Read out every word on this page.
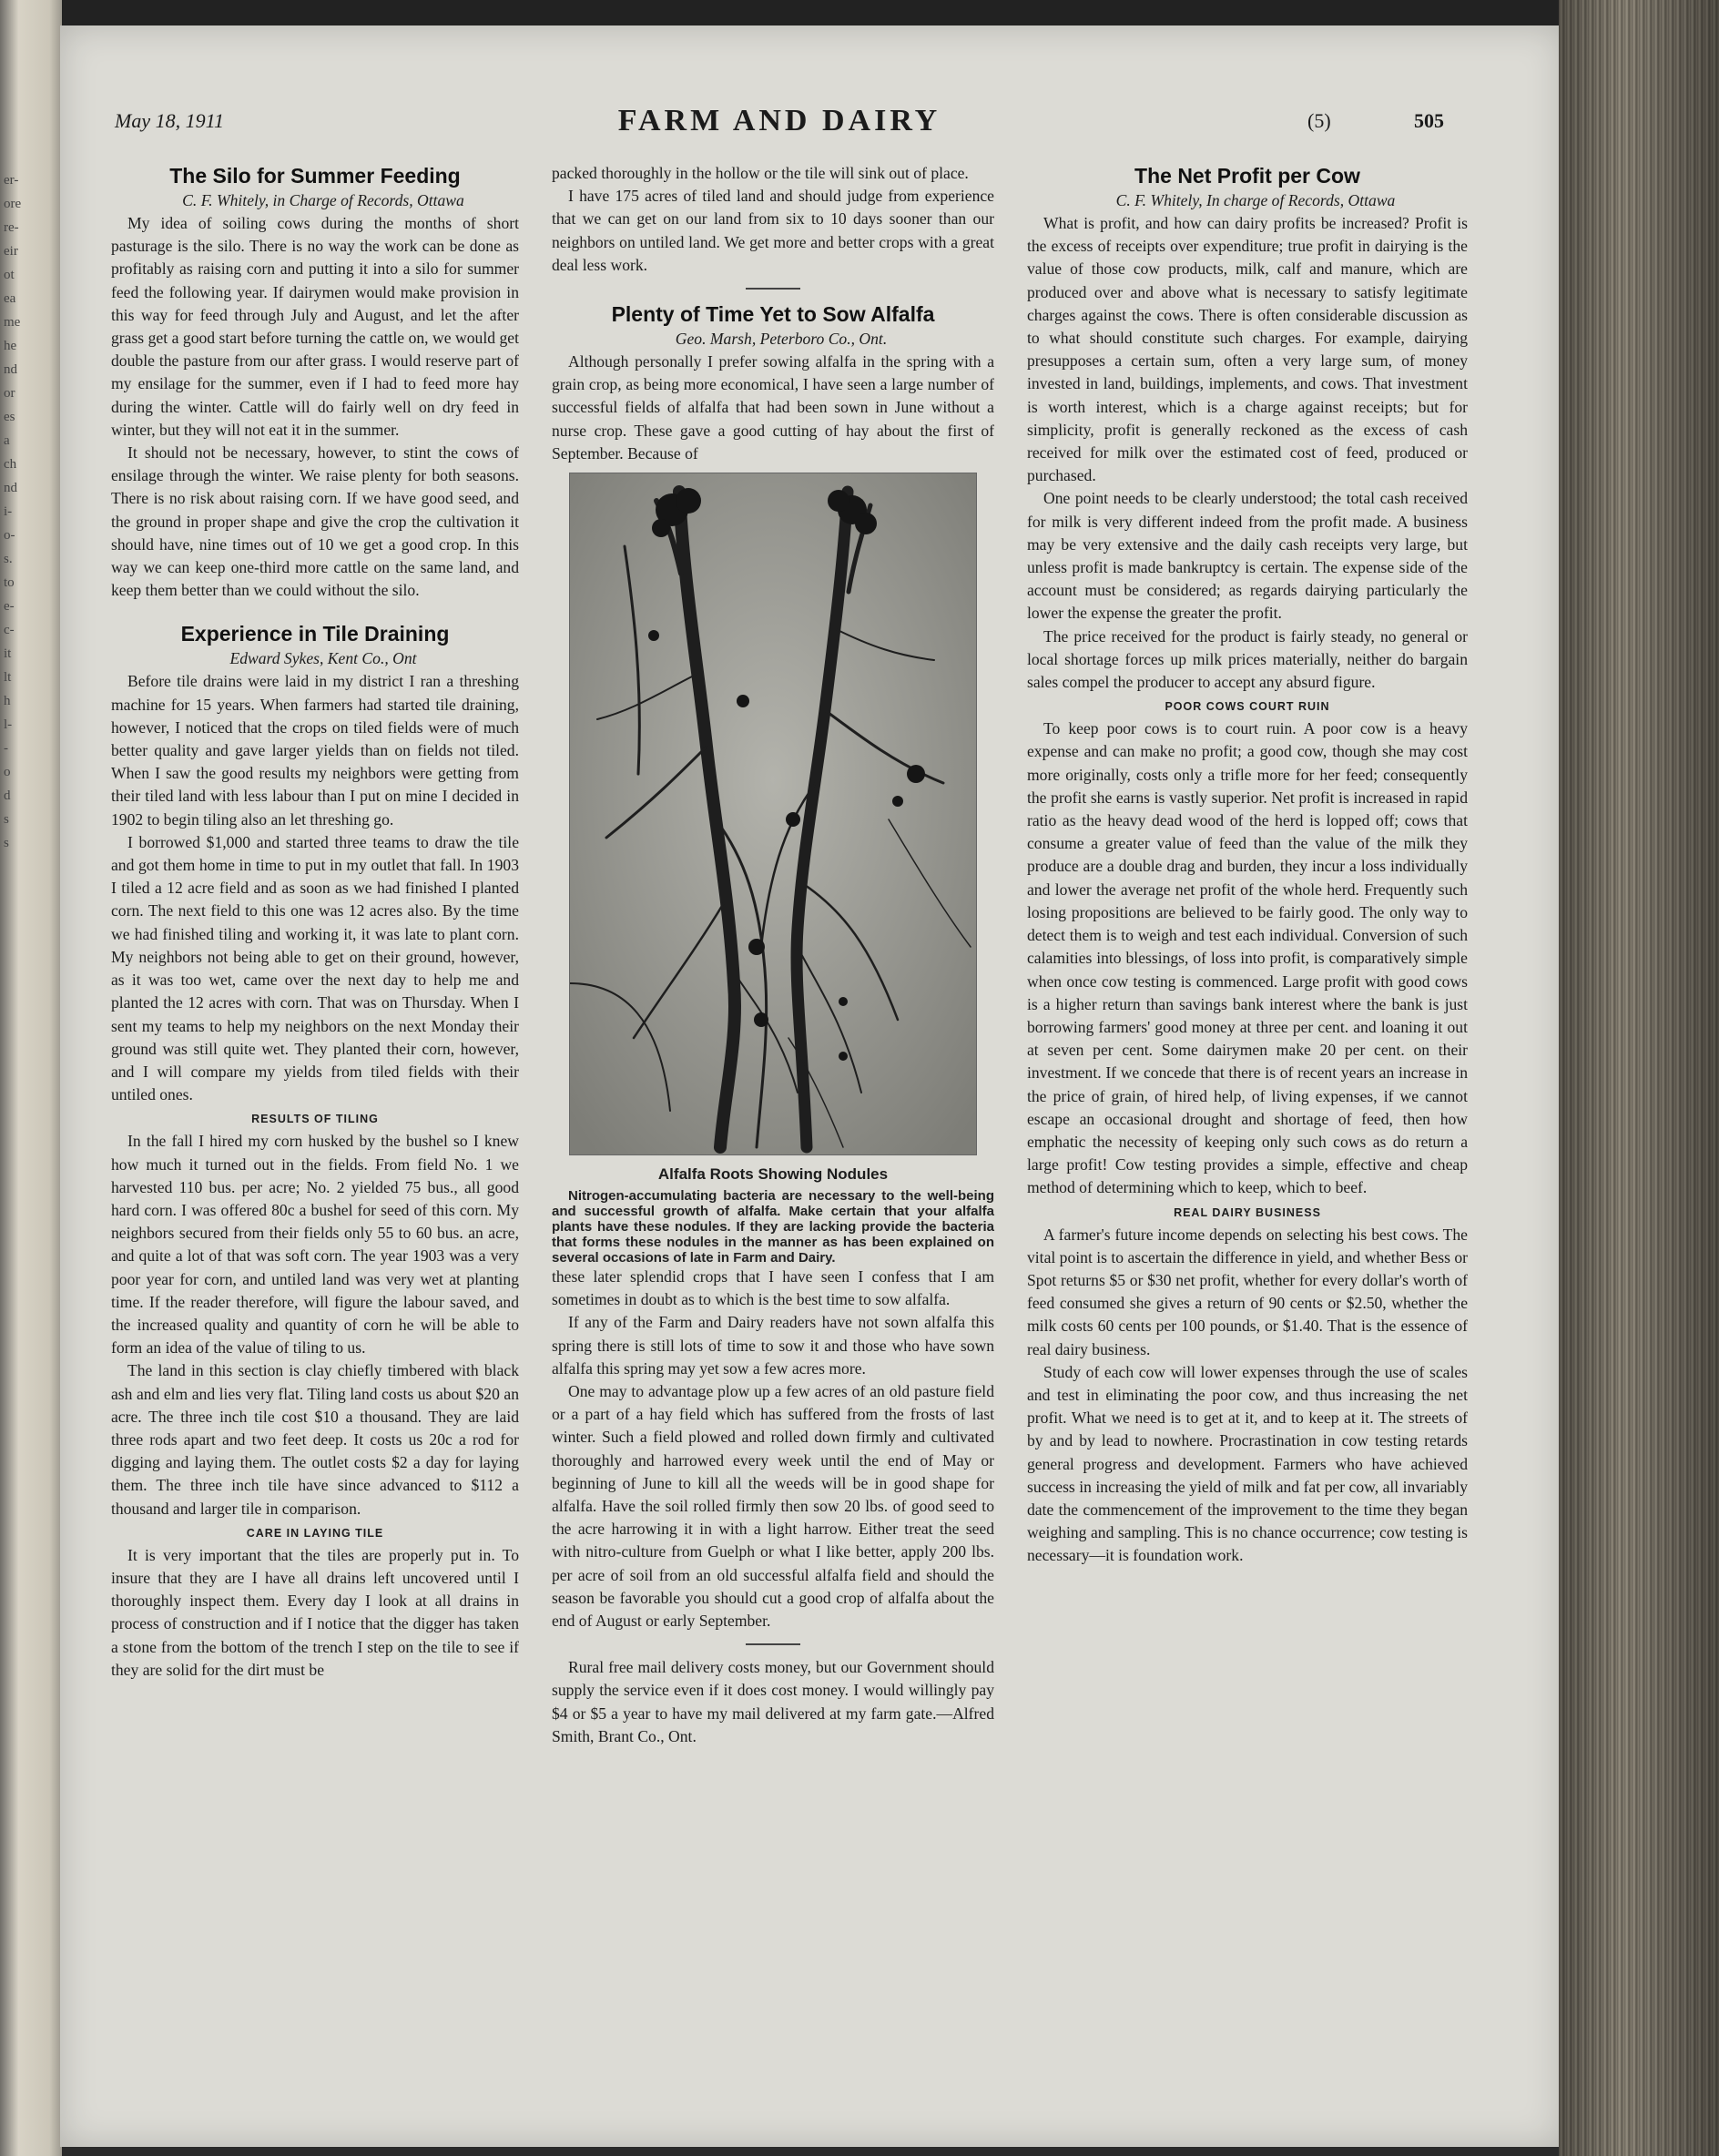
er-
ore
re-
eir
ot
ea
me
he
nd
or
es
a
ch
nd
i-
o-
s.
to
e-
c-
it
lt
h
l-
-
o
d
s
s
May 18, 1911	FARM AND DAIRY	(5)	505
The Silo for Summer Feeding

C. F. Whitely, in Charge of Records, Ottawa

My idea of soiling cows during the months of short pasturage is the silo. There is no way the work can be done as profitably as raising corn and putting it into a silo for summer feed the following year. If dairymen would make provision in this way for feed through July and August, and let the after grass get a good start before turning the cattle on, we would get double the pasture from our after grass. I would reserve part of my ensilage for the summer, even if I had to feed more hay during the winter. Cattle will do fairly well on dry feed in winter, but they will not eat it in the summer.

It should not be necessary, however, to stint the cows of ensilage through the winter. We raise plenty for both seasons. There is no risk about raising corn. If we have good seed, and the ground in proper shape and give the crop the cultivation it should have, nine times out of 10 we get a good crop. In this way we can keep one-third more cattle on the same land, and keep them better than we could without the silo.

Experience in Tile Draining

Edward Sykes, Kent Co., Ont

Before tile drains were laid in my district I ran a threshing machine for 15 years. When farmers had started tile draining, however, I noticed that the crops on tiled fields were of much better quality and gave larger yields than on fields not tiled. When I saw the good results my neighbors were getting from their tiled land with less labour than I put on mine I decided in 1902 to begin tiling also an let threshing go.

I borrowed $1,000 and started three teams to draw the tile and got them home in time to put in my outlet that fall. In 1903 I tiled a 12 acre field and as soon as we had finished I planted corn. The next field to this one was 12 acres also. By the time we had finished tiling and working it, it was late to plant corn. My neighbors not being able to get on their ground, however, as it was too wet, came over the next day to help me and planted the 12 acres with corn. That was on Thursday. When I sent my teams to help my neighbors on the next Monday their ground was still quite wet. They planted their corn, however, and I will compare my yields from tiled fields with their untiled ones.

RESULTS OF TILING

In the fall I hired my corn husked by the bushel so I knew how much it turned out in the fields. From field No. 1 we harvested 110 bus. per acre; No. 2 yielded 75 bus., all good hard corn. I was offered 80c a bushel for seed of this corn. My neighbors secured from their fields only 55 to 60 bus. an acre, and quite a lot of that was soft corn. The year 1903 was a very poor year for corn, and untiled land was very wet at planting time. If the reader therefore, will figure the labour saved, and the increased quality and quantity of corn he will be able to form an idea of the value of tiling to us.

The land in this section is clay chiefly timbered with black ash and elm and lies very flat. Tiling land costs us about $20 an acre. The three inch tile cost $10 a thousand. They are laid three rods apart and two feet deep. It costs us 20c a rod for digging and laying them. The outlet costs $2 a day for laying them. The three inch tile have since advanced to $112 a thousand and larger tile in comparison.

CARE IN LAYING TILE

It is very important that the tiles are properly put in. To insure that they are I have all drains left uncovered until I thoroughly inspect them. Every day I look at all drains in process of construction and if I notice that the digger has taken a stone from the bottom of the trench I step on the tile to see if they are solid for the dirt must be

packed thoroughly in the hollow or the tile will sink out of place.

I have 175 acres of tiled land and should judge from experience that we can get on our land from six to 10 days sooner than our neighbors on untiled land. We get more and better crops with a great deal less work.

Plenty of Time Yet to Sow Alfalfa

Geo. Marsh, Peterboro Co., Ont.

Although personally I prefer sowing alfalfa in the spring with a grain crop, as being more economical, I have seen a large number of successful fields of alfalfa that had been sown in June without a nurse crop. These gave a good cutting of hay about the first of September. Because of

Alfalfa Roots Showing Nodules

Nitrogen-accumulating bacteria are necessary to the well-being and successful growth of alfalfa. Make certain that your alfalfa plants have these nodules. If they are lacking provide the bacteria that forms these nodules in the manner as has been explained on several occasions of late in Farm and Dairy.

these later splendid crops that I have seen I confess that I am sometimes in doubt as to which is the best time to sow alfalfa.

If any of the Farm and Dairy readers have not sown alfalfa this spring there is still lots of time to sow it and those who have sown alfalfa this spring may yet sow a few acres more.

One may to advantage plow up a few acres of an old pasture field or a part of a hay field which has suffered from the frosts of last winter. Such a field plowed and rolled down firmly and cultivated thoroughly and harrowed every week until the end of May or beginning of June to kill all the weeds will be in good shape for alfalfa. Have the soil rolled firmly then sow 20 lbs. of good seed to the acre harrowing it in with a light harrow. Either treat the seed with nitro-culture from Guelph or what I like better, apply 200 lbs. per acre of soil from an old successful alfalfa field and should the season be favorable you should cut a good crop of alfalfa about the end of August or early September.

Rural free mail delivery costs money, but our Government should supply the service even if it does cost money. I would willingly pay $4 or $5 a year to have my mail delivered at my farm gate.—Alfred Smith, Brant Co., Ont.

The Net Profit per Cow

C. F. Whitely, In charge of Records, Ottawa

What is profit, and how can dairy profits be increased? Profit is the excess of receipts over expenditure; true profit in dairying is the value of those cow products, milk, calf and manure, which are produced over and above what is necessary to satisfy legitimate charges against the cows. There is often considerable discussion as to what should constitute such charges. For example, dairying presupposes a certain sum, often a very large sum, of money invested in land, buildings, implements, and cows. That investment is worth interest, which is a charge against receipts; but for simplicity, profit is generally reckoned as the excess of cash received for milk over the estimated cost of feed, produced or purchased.

One point needs to be clearly understood; the total cash received for milk is very different indeed from the profit made. A business may be very extensive and the daily cash receipts very large, but unless profit is made bankruptcy is certain. The expense side of the account must be considered; as regards dairying particularly the lower the expense the greater the profit.

The price received for the product is fairly steady, no general or local shortage forces up milk prices materially, neither do bargain sales compel the producer to accept any absurd figure.

POOR COWS COURT RUIN

To keep poor cows is to court ruin. A poor cow is a heavy expense and can make no profit; a good cow, though she may cost more originally, costs only a trifle more for her feed; consequently the profit she earns is vastly superior. Net profit is increased in rapid ratio as the heavy dead wood of the herd is lopped off; cows that consume a greater value of feed than the value of the milk they produce are a double drag and burden, they incur a loss individually and lower the average net profit of the whole herd. Frequently such losing propositions are believed to be fairly good. The only way to detect them is to weigh and test each individual. Conversion of such calamities into blessings, of loss into profit, is comparatively simple when once cow testing is commenced. Large profit with good cows is a higher return than savings bank interest where the bank is just borrowing farmers' good money at three per cent. and loaning it out at seven per cent. Some dairymen make 20 per cent. on their investment. If we concede that there is of recent years an increase in the price of grain, of hired help, of living expenses, if we cannot escape an occasional drought and shortage of feed, then how emphatic the necessity of keeping only such cows as do return a large profit! Cow testing provides a simple, effective and cheap method of determining which to keep, which to beef.

REAL DAIRY BUSINESS

A farmer's future income depends on selecting his best cows. The vital point is to ascertain the difference in yield, and whether Bess or Spot returns $5 or $30 net profit, whether for every dollar's worth of feed consumed she gives a return of 90 cents or $2.50, whether the milk costs 60 cents per 100 pounds, or $1.40. That is the essence of real dairy business.

Study of each cow will lower expenses through the use of scales and test in eliminating the poor cow, and thus increasing the net profit. What we need is to get at it, and to keep at it. The streets of by and by lead to nowhere. Procrastination in cow testing retards general progress and development. Farmers who have achieved success in increasing the yield of milk and fat per cow, all invariably date the commencement of the improvement to the time they began weighing and sampling. This is no chance occurrence; cow testing is necessary—it is foundation work.
